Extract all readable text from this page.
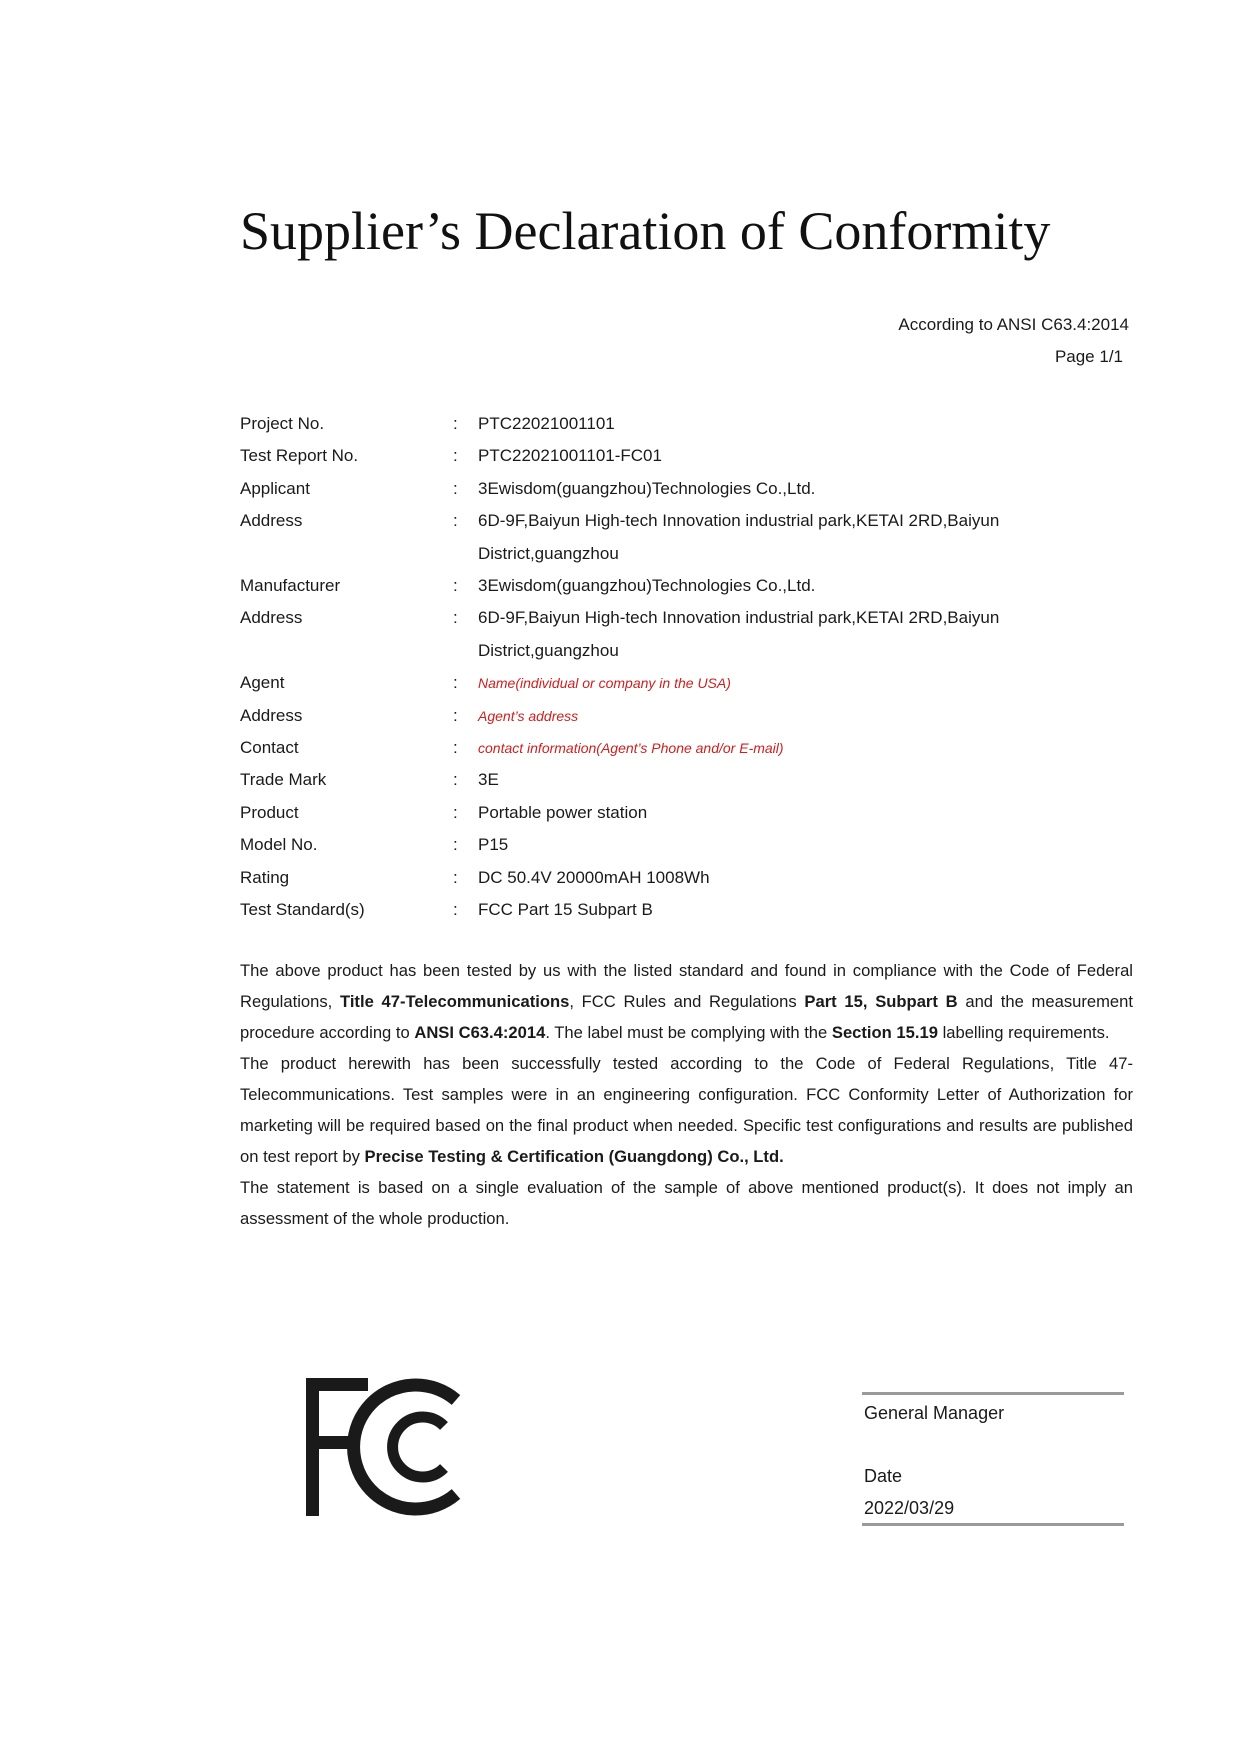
Supplier’s Declaration of Conformity
According to ANSI C63.4:2014
Page 1/1
Project No.	:	PTC22021001101
Test Report No.	:	PTC22021001101-FC01
Applicant	:	3Ewisdom(guangzhou)Technologies Co.,Ltd.
Address	:	6D-9F,Baiyun High-tech Innovation industrial park,KETAI 2RD,Baiyun
District,guangzhou
Manufacturer	:	3Ewisdom(guangzhou)Technologies Co.,Ltd.
Address	:	6D-9F,Baiyun High-tech Innovation industrial park,KETAI 2RD,Baiyun
District,guangzhou
Agent	:	Name(individual or company in the USA)
Address	:	Agent’s address
Contact	:	contact information(Agent’s Phone and/or E-mail)
Trade Mark	:	3E
Product	:	Portable power station
Model No.	:	P15
Rating	:	DC 50.4V 20000mAH 1008Wh
Test Standard(s)	:	FCC Part 15 Subpart B

The above product has been tested by us with the listed standard and found in compliance with the Code of Federal Regulations, Title 47-Telecommunications, FCC Rules and Regulations Part 15, Subpart B and the measurement procedure according to ANSI C63.4:2014. The label must be complying with the Section 15.19 labelling requirements.

The product herewith has been successfully tested according to the Code of Federal Regulations, Title 47-Telecommunications. Test samples were in an engineering configuration. FCC Conformity Letter of Authorization for marketing will be required based on the final product when needed. Specific test configurations and results are published on test report by Precise Testing & Certification (Guangdong) Co., Ltd.

The statement is based on a single evaluation of the sample of above mentioned product(s). It does not imply an assessment of the whole production.

General Manager
Date
2022/03/29
